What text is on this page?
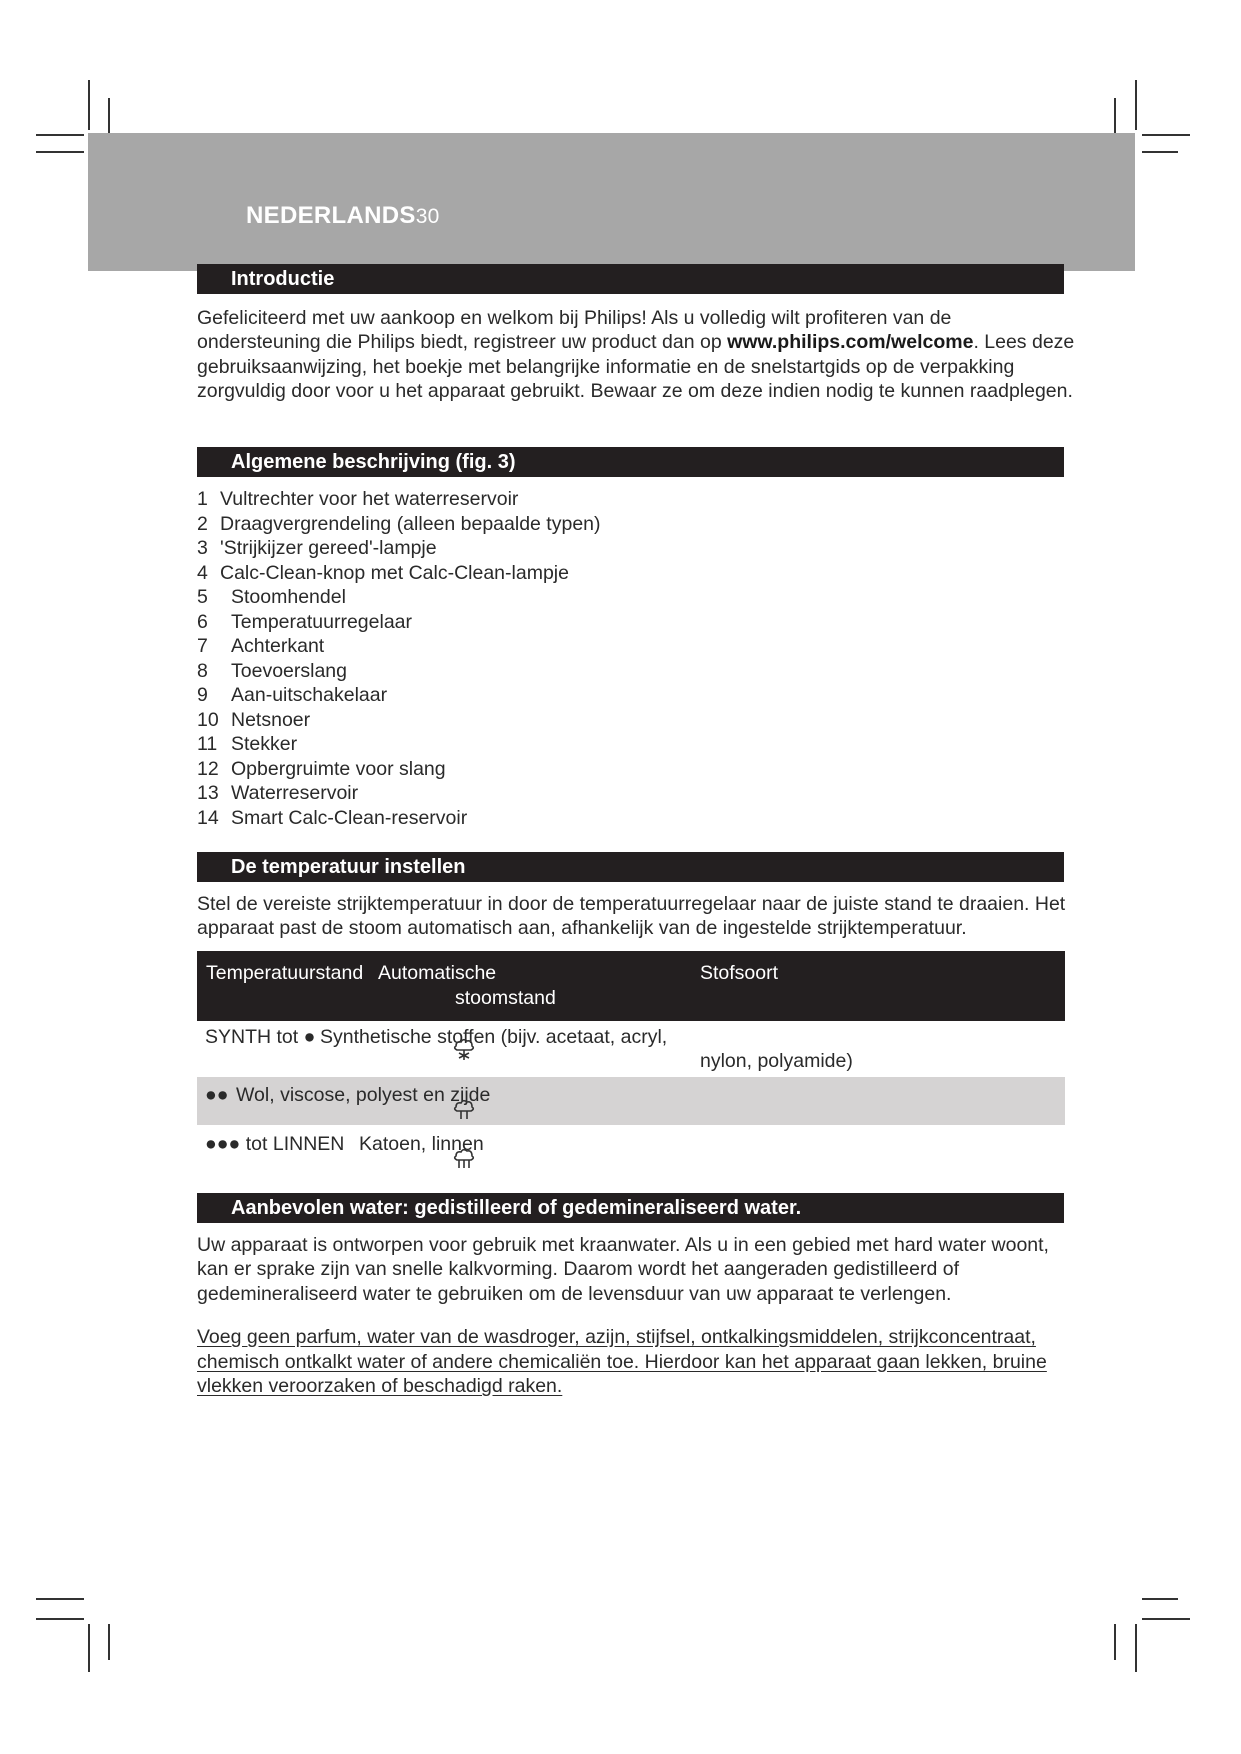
NEDERLANDS30
Introductie
Gefeliciteerd met uw aankoop en welkom bij Philips! Als u volledig wilt profiteren van de ondersteuning die Philips biedt, registreer uw product dan op www.philips.com/welcome. Lees deze gebruiksaanwijzing, het boekje met belangrijke informatie en de snelstartgids op de verpakking zorgvuldig door voor u het apparaat gebruikt. Bewaar ze om deze indien nodig te kunnen raadplegen.
Algemene beschrijving (fig. 3)
1 Vultrechter voor het waterreservoir
2 Draagvergrendeling (alleen bepaalde typen)
3 'Strijkijzer gereed'-lampje
4 Calc-Clean-knop met Calc-Clean-lampje
5 Stoomhendel
6 Temperatuurregelaar
7 Achterkant
8 Toevoerslang
9 Aan-uitschakelaar
10 Netsnoer
11 Stekker
12 Opbergruimte voor slang
13 Waterreservoir
14 Smart Calc-Clean-reservoir
De temperatuur instellen
Stel de vereiste strijktemperatuur in door de temperatuurregelaar naar de juiste stand te draaien. Het apparaat past de stoom automatisch aan, afhankelijk van de ingestelde strijktemperatuur.
Temperatuurstand Automatische
stoomstand
Stofsoort
SYNTH tot ● Synthetische stoffen (bijv. acetaat, acryl,
nylon, polyamide)
●● Wol, viscose, polyest en zijde
●●● tot LINNEN Katoen, linnen
Aanbevolen water: gedistilleerd of gedemineraliseerd water.
Uw apparaat is ontworpen voor gebruik met kraanwater. Als u in een gebied met hard water woont, kan er sprake zijn van snelle kalkvorming. Daarom wordt het aangeraden gedistilleerd of gedemineraliseerd water te gebruiken om de levensduur van uw apparaat te verlengen.
Voeg geen parfum, water van de wasdroger, azijn, stijfsel, ontkalkingsmiddelen, strijkconcentraat, chemisch ontkalkt water of andere chemicaliën toe. Hierdoor kan het apparaat gaan lekken, bruine vlekken veroorzaken of beschadigd raken.
